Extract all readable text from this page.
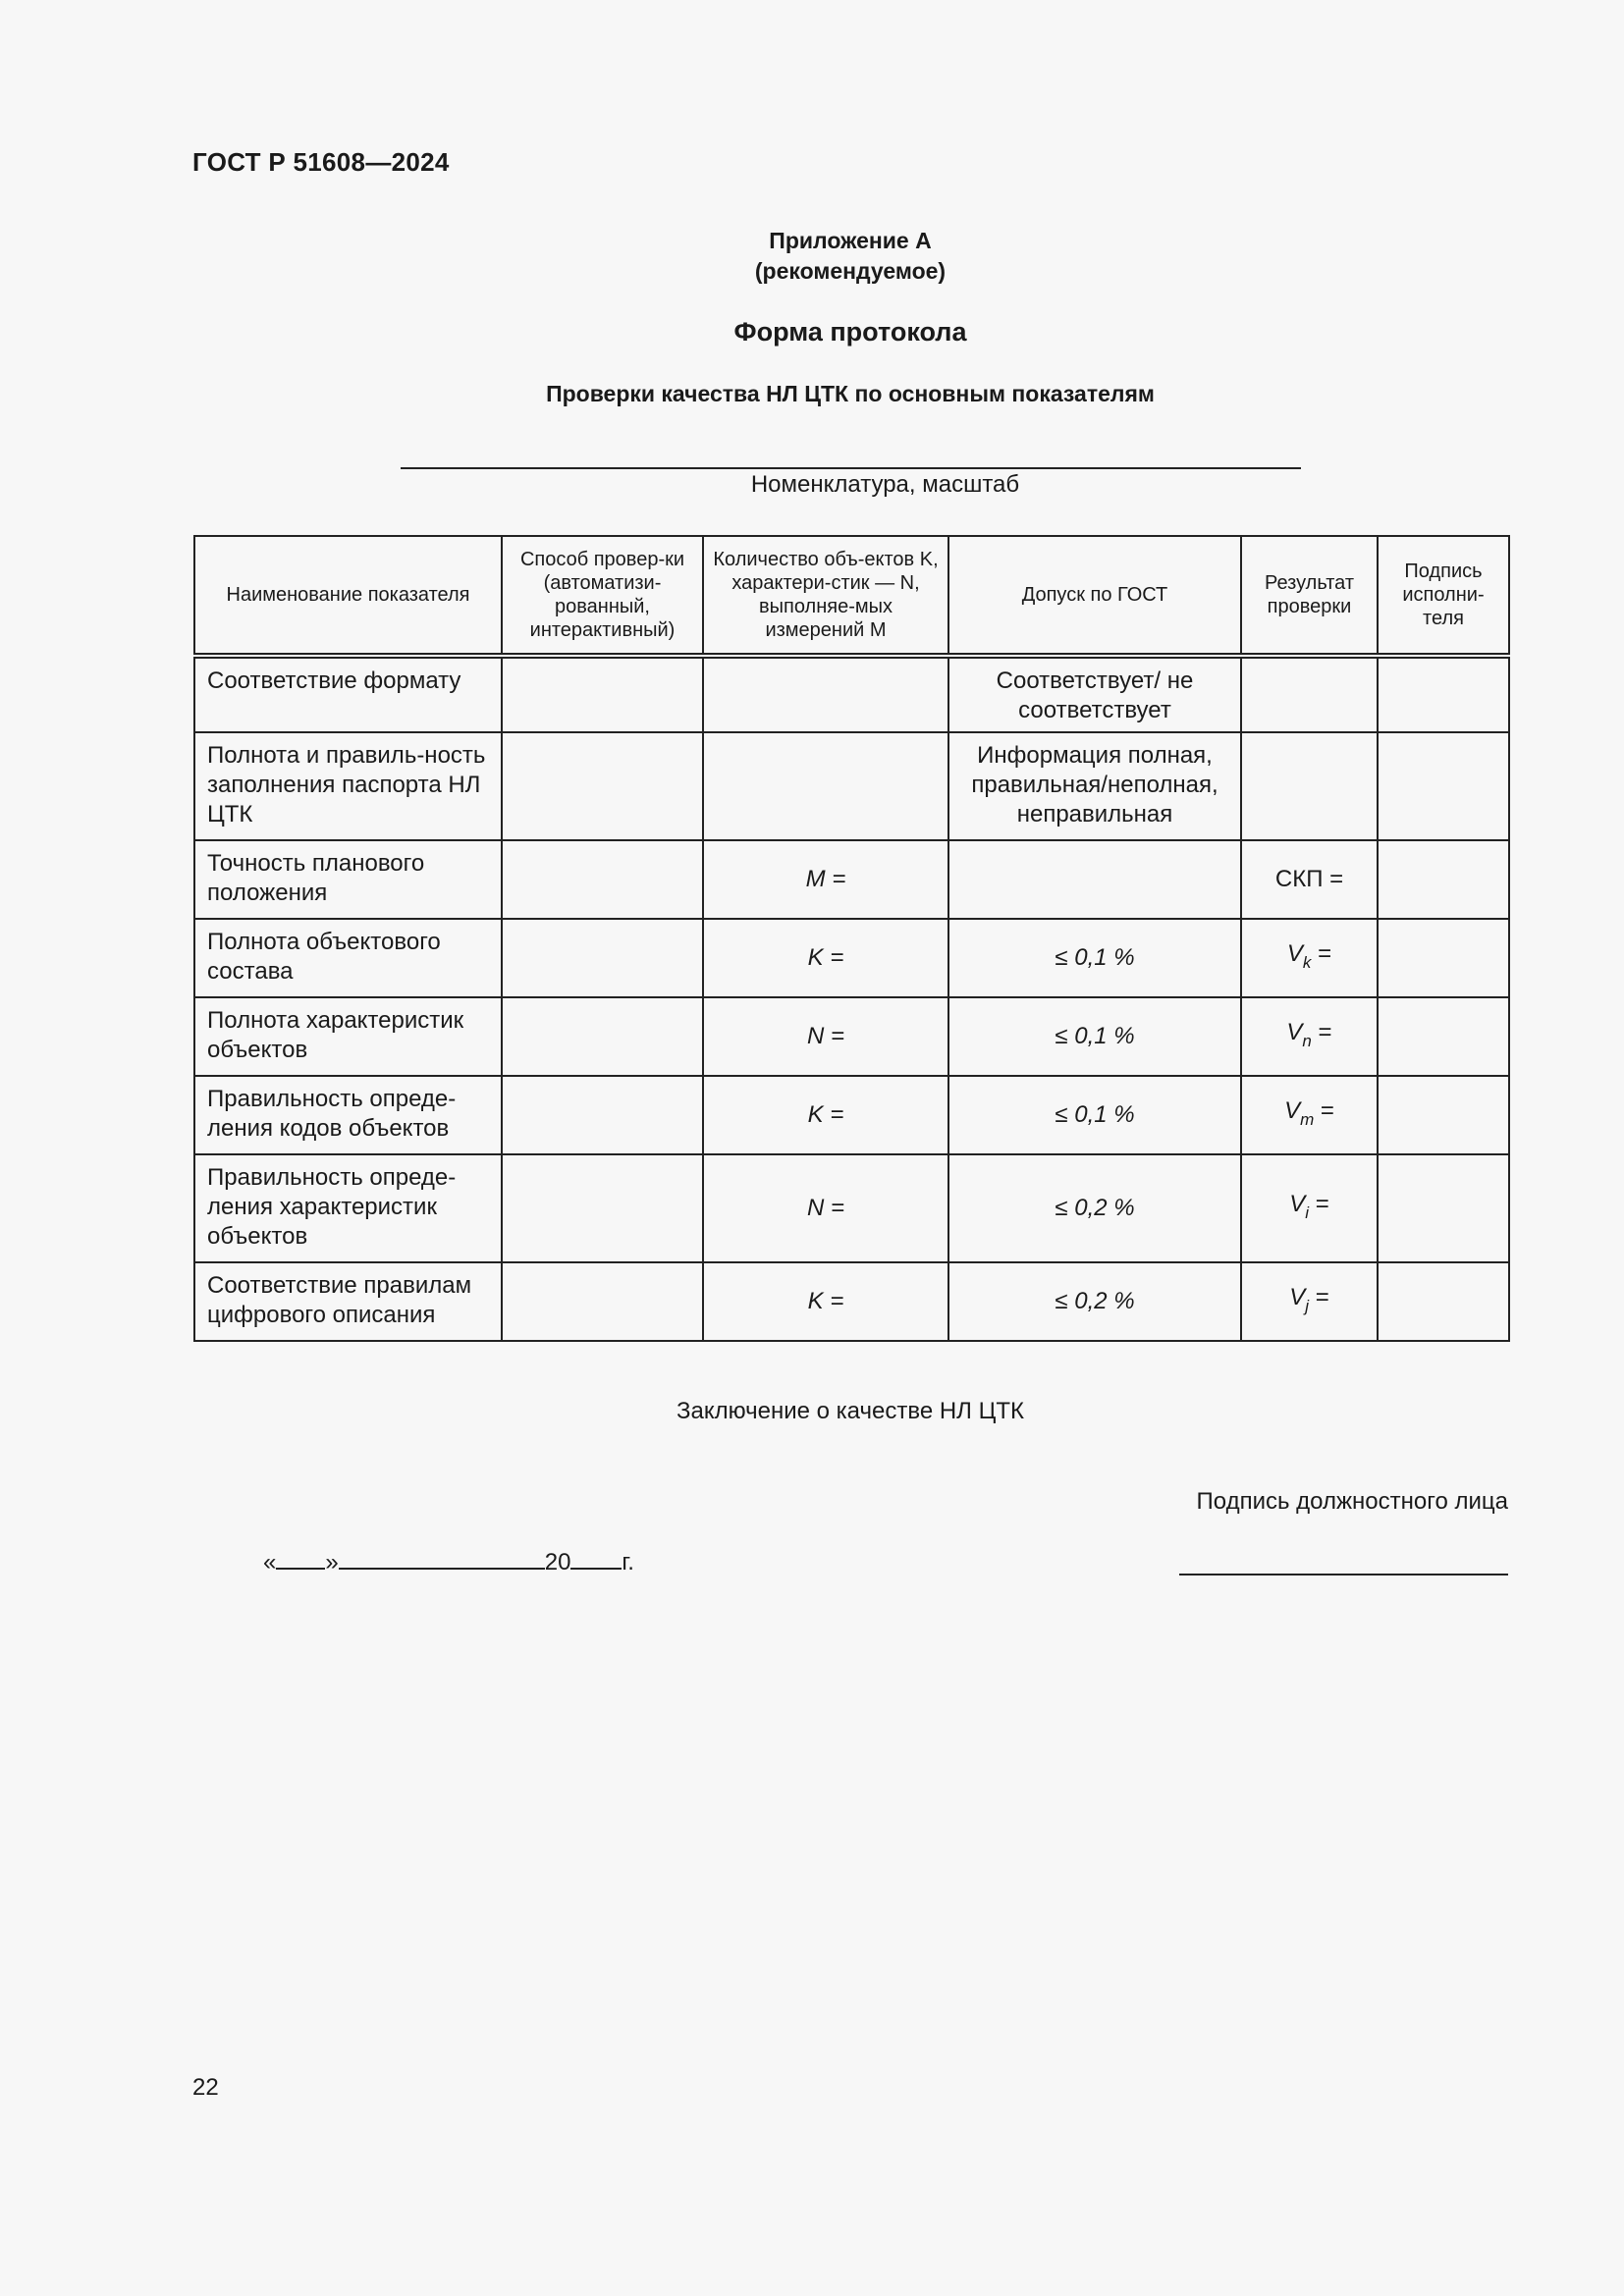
ГОСТ Р 51608—2024
Приложение А
(рекомендуемое)
Форма протокола
Проверки качества НЛ ЦТК по основным показателям
Номенклатура, масштаб
Наименование показателя	Способ провер-ки (автоматизи-рованный, интерактивный)	Количество объ-ектов K, характери-стик — N, выполняе-мых измерений M	Допуск по ГОСТ	Результат проверки	Подпись исполни-теля
Соответствие формату			Соответствует/ не соответствует		
Полнота и правиль-ность заполнения паспорта НЛ ЦТК			Информация полная, правильная/неполная, неправильная		
Точность планового положения		M =		СКП =	
Полнота объектового состава		K =	≤ 0,1 %	$V_k$ =	
Полнота характеристик объектов		N =	≤ 0,1 %	$V_n$ =	
Правильность опреде-ления кодов объектов		K =	≤ 0,1 %	$V_m$ =	
Правильность опреде-ления характеристик объектов		N =	≤ 0,2 %	$V_i$ =	
Соответствие правилам цифрового описания		K =	≤ 0,2 %	$V_j$ =	
Заключение о качестве НЛ ЦТК
Подпись должностного лица
« »	20 г.
22
